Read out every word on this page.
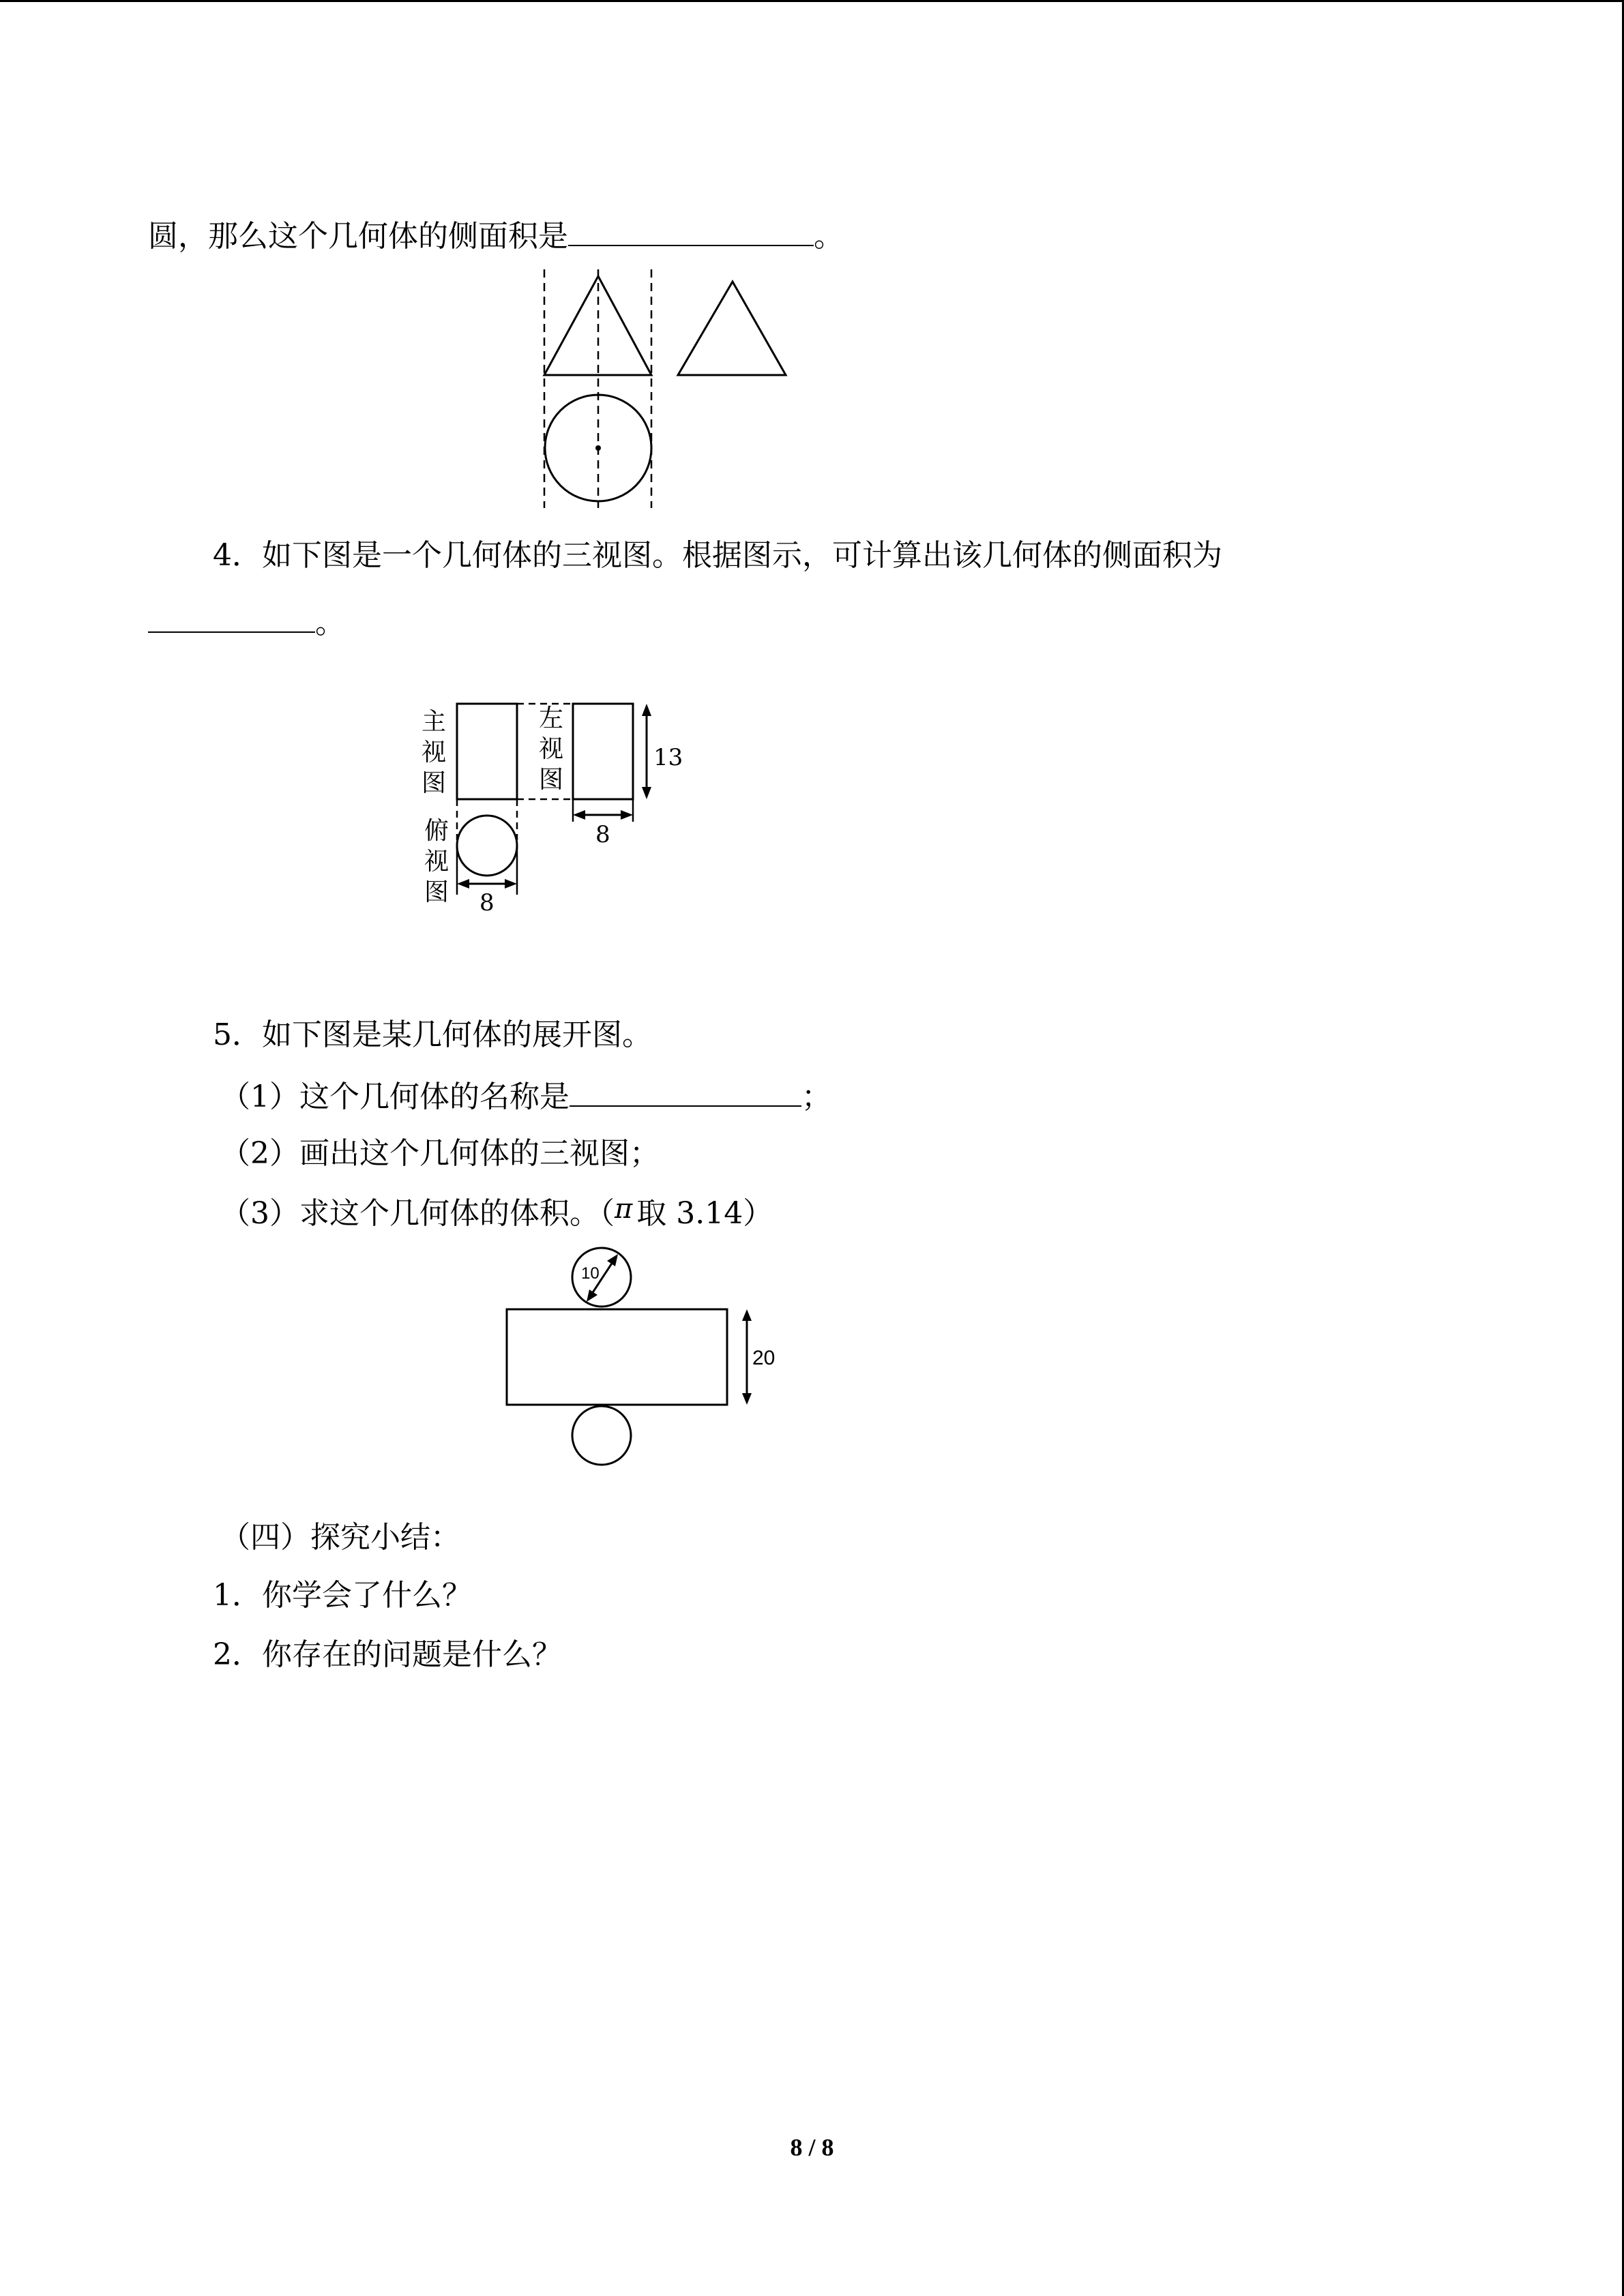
圆，那么这个几何体的侧面积是	。
4．如下图是一个几何体的三视图。根据图示，可计算出该几何体的侧面积为
。
主
视
图
左
视
图
俯
视
图
13
8
8
5．如下图是某几何体的展开图。
（1）这个几何体的名称是	；
（2）画出这个几何体的三视图；
（3）求这个几何体的体积。（π 取 3.14）
10
20
（四）探究小结：
1．你学会了什么？
2．你存在的问题是什么？
8 / 8
